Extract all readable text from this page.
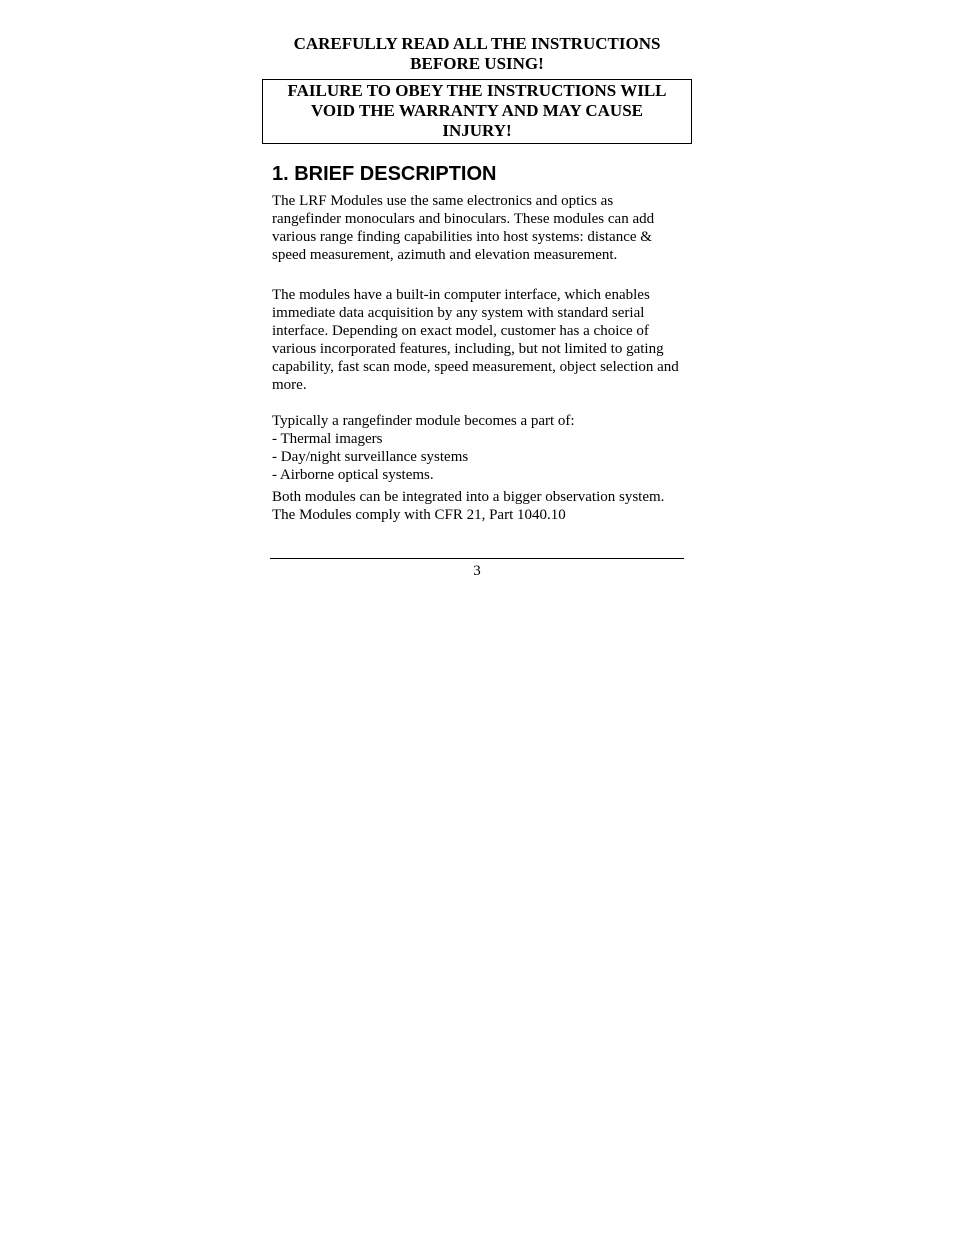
CAREFULLY READ ALL THE INSTRUCTIONS
BEFORE USING!

FAILURE TO OBEY THE INSTRUCTIONS WILL
VOID THE WARRANTY AND MAY CAUSE
INJURY!
1. BRIEF DESCRIPTION

The LRF Modules use the same electronics and optics as rangefinder monoculars and binoculars. These modules can add various range finding capabilities into host systems: distance & speed measurement, azimuth and elevation measurement.

The modules have a built-in computer interface, which enables immediate data acquisition by any system with standard serial interface. Depending on exact model, customer has a choice of various incorporated features, including, but not limited to gating capability, fast scan mode, speed measurement, object selection and more.

Typically a rangefinder module becomes a part of:

- Thermal imagers
- Day/night surveillance systems
- Airborne optical systems.

Both modules can be integrated into a bigger observation system.
The Modules comply with CFR 21, Part 1040.10

3
